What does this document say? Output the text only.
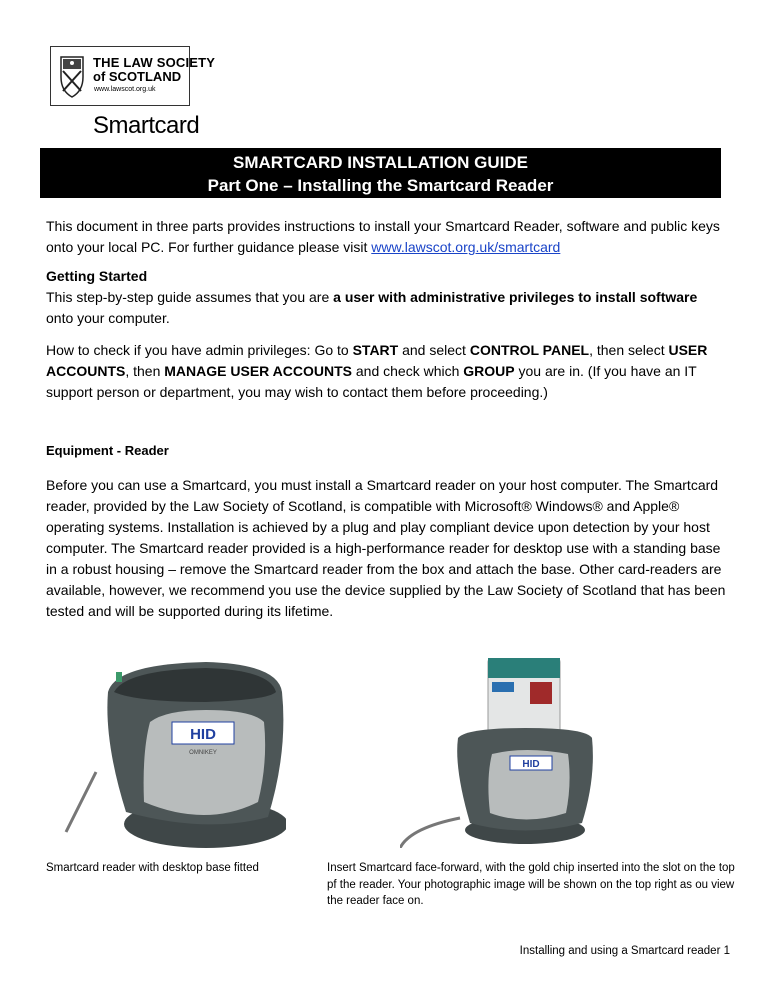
THE LAW SOCIETY
of SCOTLAND
www.lawscot.org.uk
Smartcard
SMARTCARD INSTALLATION GUIDE
Part One – Installing the Smartcard Reader
This document in three parts provides instructions to install your Smartcard Reader, software and public keys onto your local PC. For further guidance please visit www.lawscot.org.uk/smartcard
Getting Started
This step-by-step guide assumes that you are a user with administrative privileges to install software onto your computer.
How to check if you have admin privileges: Go to START and select CONTROL PANEL, then select USER ACCOUNTS, then MANAGE USER ACCOUNTS and check which GROUP you are in. (If you have an IT support person or department, you may wish to contact them before proceeding.)
Equipment - Reader
Before you can use a Smartcard, you must install a Smartcard reader on your host computer. The Smartcard reader, provided by the Law Society of Scotland, is compatible with Microsoft® Windows® and Apple® operating systems. Installation is achieved by a plug and play compliant device upon detection by your host computer. The Smartcard reader provided is a high-performance reader for desktop use with a standing base in a robust housing – remove the Smartcard reader from the box and attach the base. Other card-readers are available, however, we recommend you use the device supplied by the Law Society of Scotland that has been tested and will be supported during its lifetime.
HID
OMNIKEY
HID
Smartcard reader with desktop base fitted	Insert Smartcard face-forward, with the gold chip inserted into the slot on the top pf the reader. Your photographic image will be shown on the top right as ou view the reader face on.
Installing and using a Smartcard reader 1
